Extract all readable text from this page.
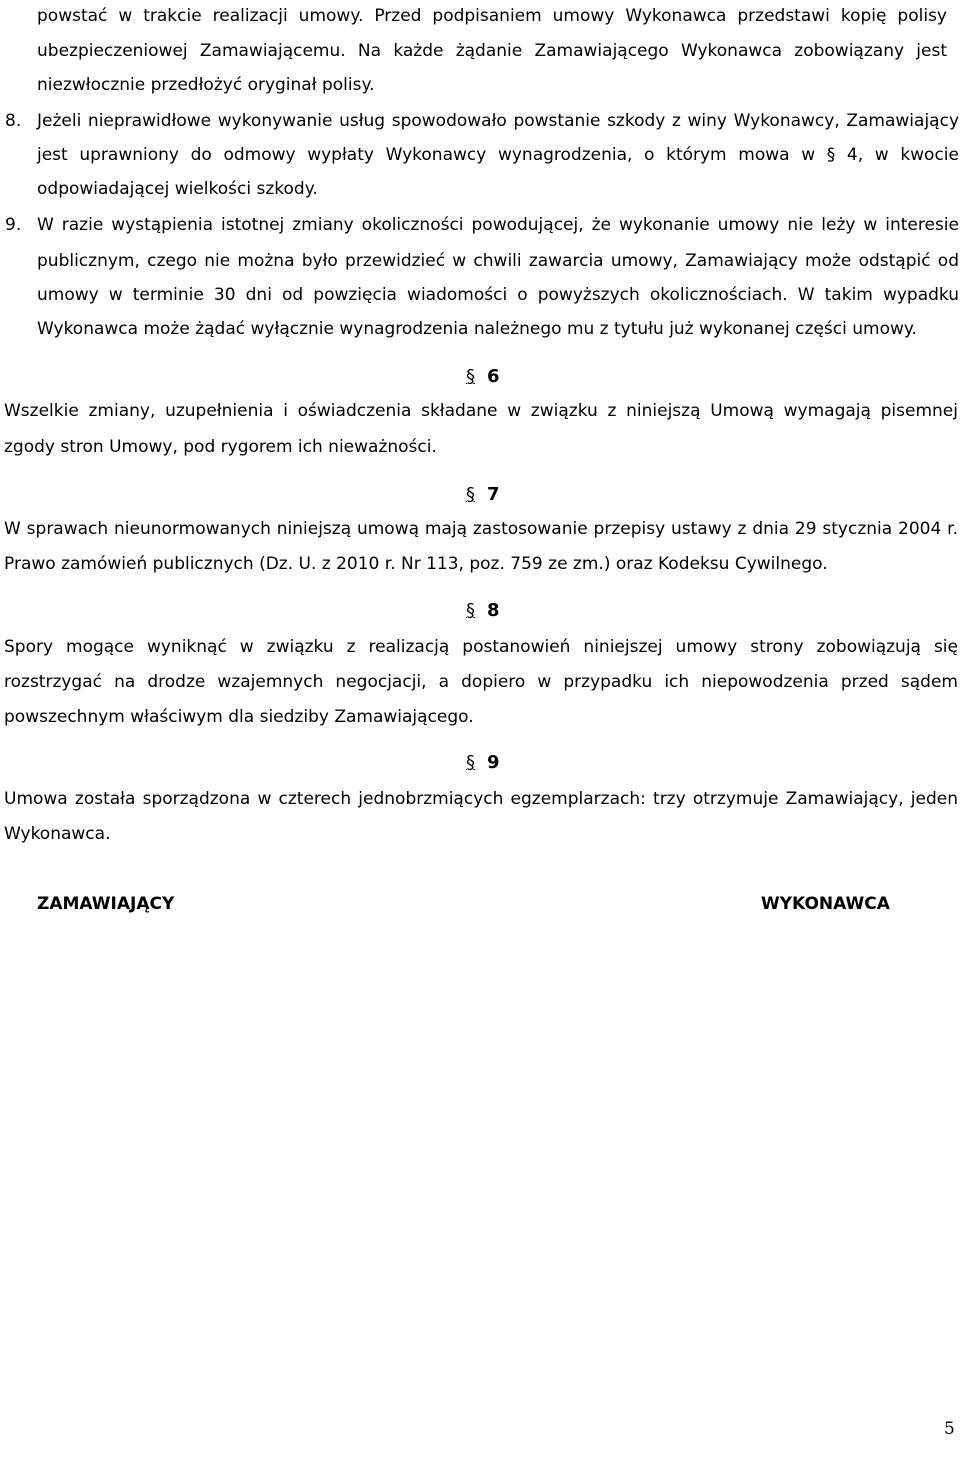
powstać w trakcie realizacji umowy. Przed podpisaniem umowy Wykonawca przedstawi kopię polisy
ubezpieczeniowej Zamawiającemu. Na każde żądanie Zamawiającego Wykonawca zobowiązany jest
niezwłocznie przedłożyć oryginał polisy.
8. Jeżeli nieprawidłowe wykonywanie usług spowodowało powstanie szkody z winy Wykonawcy, Zamawiający
jest uprawniony do odmowy wypłaty Wykonawcy wynagrodzenia, o którym mowa w § 4, w kwocie
odpowiadającej wielkości szkody.
9. W razie wystąpienia istotnej zmiany okoliczności powodującej, że wykonanie umowy nie leży w interesie
publicznym, czego nie można było przewidzieć w chwili zawarcia umowy, Zamawiający może odstąpić od
umowy w terminie 30 dni od powzięcia wiadomości o powyższych okolicznościach. W takim wypadku
Wykonawca może żądać wyłącznie wynagrodzenia należnego mu z tytułu już wykonanej części umowy.
§ 6
Wszelkie zmiany, uzupełnienia i oświadczenia składane w związku z niniejszą Umową wymagają pisemnej
zgody stron Umowy, pod rygorem ich nieważności.
§ 7
W sprawach nieunormowanych niniejszą umową mają zastosowanie przepisy ustawy z dnia 29 stycznia 2004 r.
Prawo zamówień publicznych (Dz. U. z 2010 r. Nr 113, poz. 759 ze zm.) oraz Kodeksu Cywilnego.
§ 8
Spory mogące wyniknąć w związku z realizacją postanowień niniejszej umowy strony zobowiązują się
rozstrzygać na drodze wzajemnych negocjacji, a dopiero w przypadku ich niepowodzenia przed sądem
powszechnym właściwym dla siedziby Zamawiającego.
§ 9
Umowa została sporządzona w czterech jednobrzmiących egzemplarzach: trzy otrzymuje Zamawiający, jeden
Wykonawca.
ZAMAWIAJĄCY	WYKONAWCA
5
